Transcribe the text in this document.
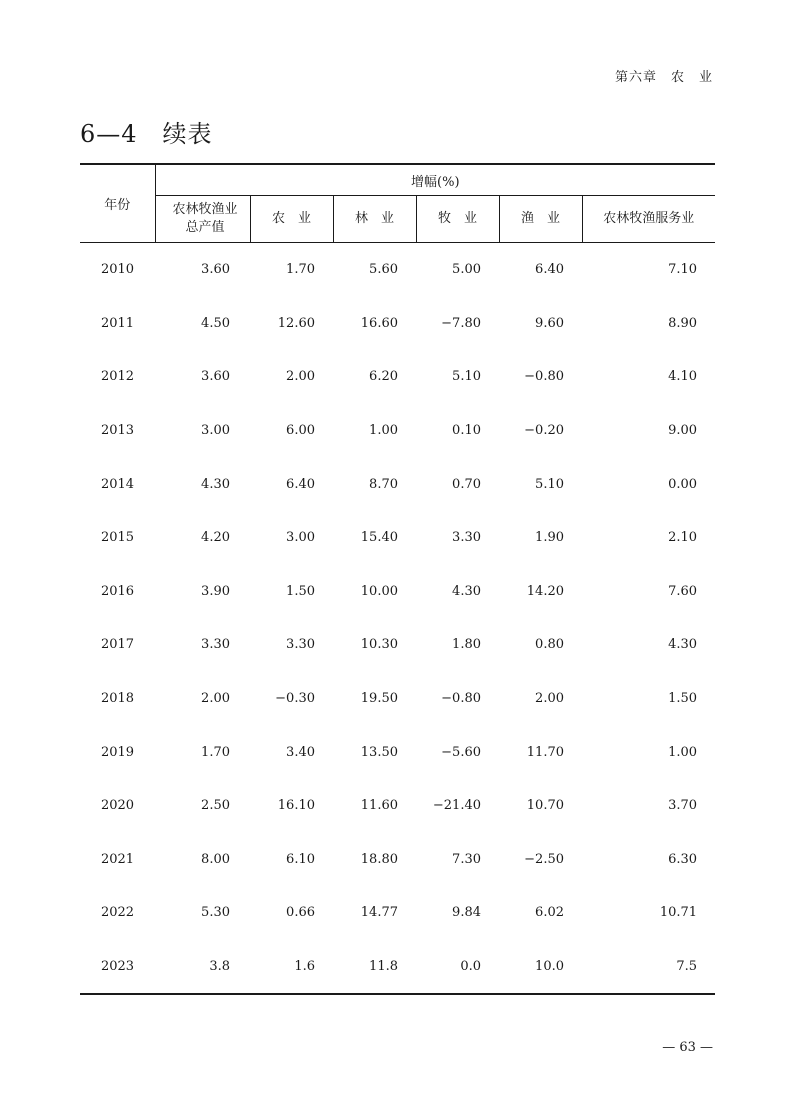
第六章　农　业
6—4　续表
年份	增幅(%)					
	农林牧渔业
总产值	农　业	林　业	牧　业	渔　业	农林牧渔服务业
2010	3.60	1.70	5.60	5.00	6.40	7.10
2011	4.50	12.60	16.60	−7.80	9.60	8.90
2012	3.60	2.00	6.20	5.10	−0.80	4.10
2013	3.00	6.00	1.00	0.10	−0.20	9.00
2014	4.30	6.40	8.70	0.70	5.10	0.00
2015	4.20	3.00	15.40	3.30	1.90	2.10
2016	3.90	1.50	10.00	4.30	14.20	7.60
2017	3.30	3.30	10.30	1.80	0.80	4.30
2018	2.00	−0.30	19.50	−0.80	2.00	1.50
2019	1.70	3.40	13.50	−5.60	11.70	1.00
2020	2.50	16.10	11.60	−21.40	10.70	3.70
2021	8.00	6.10	18.80	7.30	−2.50	6.30
2022	5.30	0.66	14.77	9.84	6.02	10.71
2023	3.8	1.6	11.8	0.0	10.0	7.5
— 63 —
